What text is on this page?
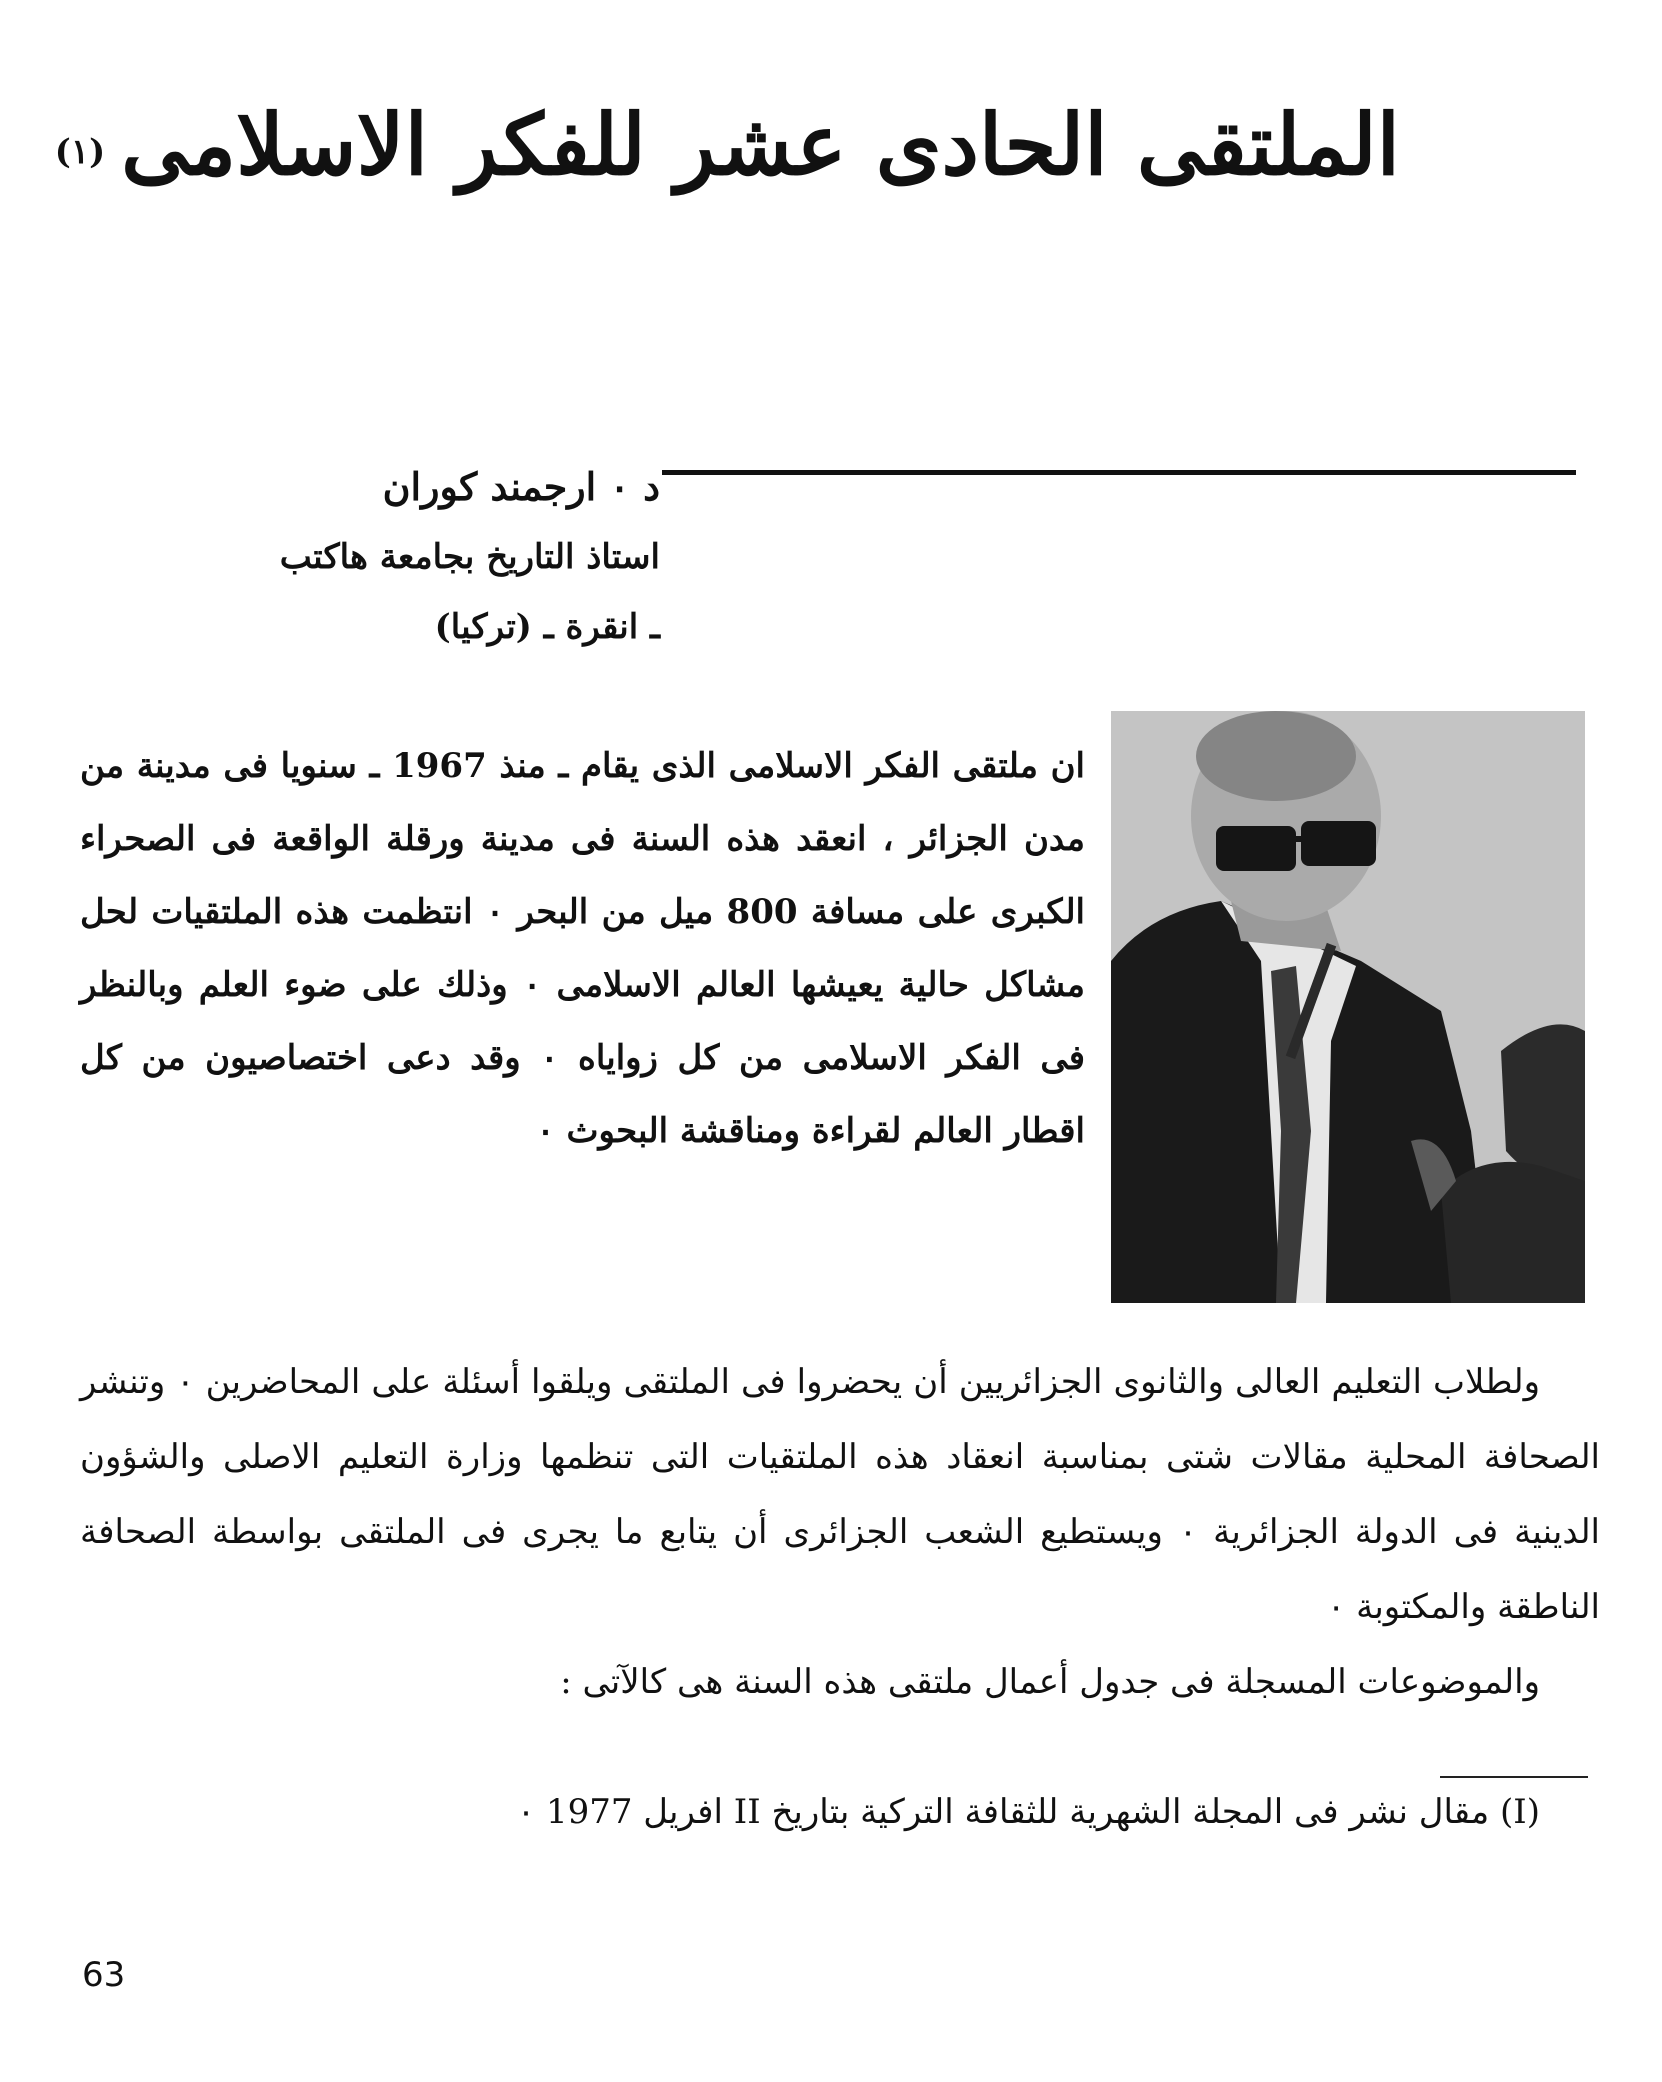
الملتقى الحادى عشر للفكر الاسلامى(١)
د ٠ ارجمند كوران
استاذ التاريخ بجامعة هاكتب
ـ انقرة ـ (تركيا)
ان ملتقى الفكر الاسلامى الذى يقام ـ منذ 1967 ـ سنويا فى مدينة من مدن الجزائر ، انعقد هذه السنة فى مدينة ورقلة الواقعة فى الصحراء الكبرى على مسافة 800 ميل من البحر ٠ انتظمت هذه الملتقيات لحل مشاكل حالية يعيشها العالم الاسلامى ٠ وذلك على ضوء العلم وبالنظر فى الفكر الاسلامى من كل زواياه ٠ وقد دعى اختصاصيون من كل اقطار العالم لقراءة ومناقشة البحوث ٠

ولطلاب التعليم العالى والثانوى الجزائريين أن يحضروا فى الملتقى ويلقوا أسئلة على المحاضرين ٠ وتنشر الصحافة المحلية مقالات شتى بمناسبة انعقاد هذه الملتقيات التى تنظمها وزارة التعليم الاصلى والشؤون الدينية فى الدولة الجزائرية ٠ ويستطيع الشعب الجزائرى أن يتابع ما يجرى فى الملتقى بواسطة الصحافة الناطقة والمكتوبة ٠

والموضوعات المسجلة فى جدول أعمال ملتقى هذه السنة هى كالآتى :

(I) مقال نشر فى المجلة الشهرية للثقافة التركية بتاريخ II افريل 1977 ٠
63
